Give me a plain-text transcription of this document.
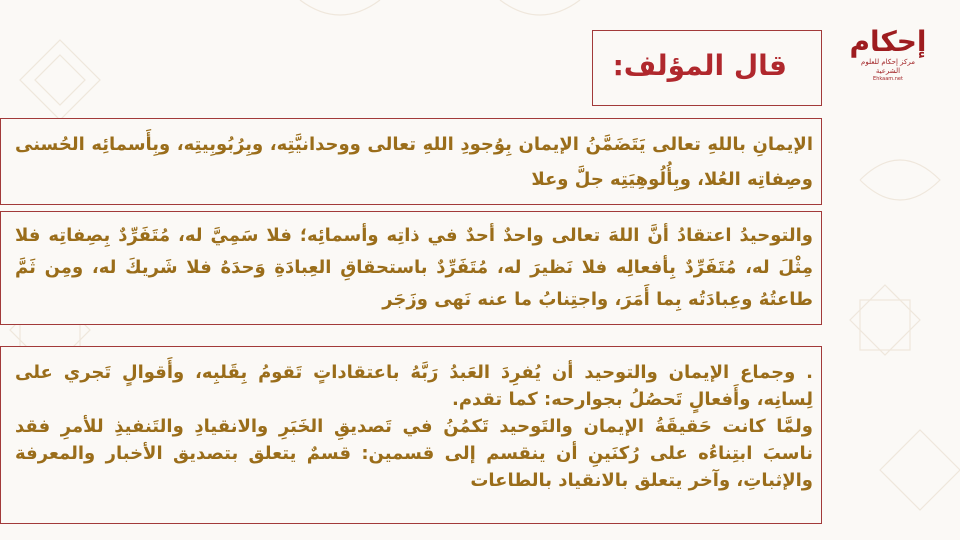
إحكام
مركز إحكام للعلوم الشرعية
Ehkaam.net
قال المؤلف:

الإيمانِ باللهِ تعالى يَتَضَمَّنُ الإيمان بِوُجودِ اللهِ تعالى ووحدانيَّتِه، وبِرُبُوبِيتِه، وبِأَسمائِه الحُسنى وصِفاتِه العُلا، وبِأُلُوهِيَتِه جلَّ وعلا

والتوحيدُ اعتقادُ أنَّ اللهَ تعالى واحدٌ أحدٌ في ذاتِه وأسمائِه؛ فلا سَمِيَّ له، مُتَفَرِّدٌ بِصِفاتِه فلا مِثْلَ له، مُتَفَرِّدٌ بِأفعالِه فلا نَظيرَ له، مُتَفَرِّدٌ باستحقاقِ العِبادَةِ وَحدَهُ فلا شَريكَ له، ومِن ثَمَّ طاعتُهُ وعِبادَتُه بِما أَمَرَ، واجتِنابُ ما عنه نَهى وزَجَر

. وجماع الإيمان والتوحيد أن يُفرِدَ العَبدُ رَبَّهُ باعتقاداتٍ تَقومُ بِقَلبِه، وأَقوالٍ تَجري على لِسانِه، وأَفعالٍ تَحصُلُ بجوارحه: كما تقدم.

ولمَّا كانت حَقيقَةُ الإيمان والتَوحيد تَكمُنُ في تَصديقِ الخَبَرِ والانقيادِ والتَنفيذِ للأمرِ فقد ناسبَ ابتِناءُه على رُكنَينِ أن ينقسم إلى قسمين: قسمٌ يتعلق بتصديق الأخبار والمعرفة والإثباتِ، وآخر يتعلق بالانقياد بالطاعات
